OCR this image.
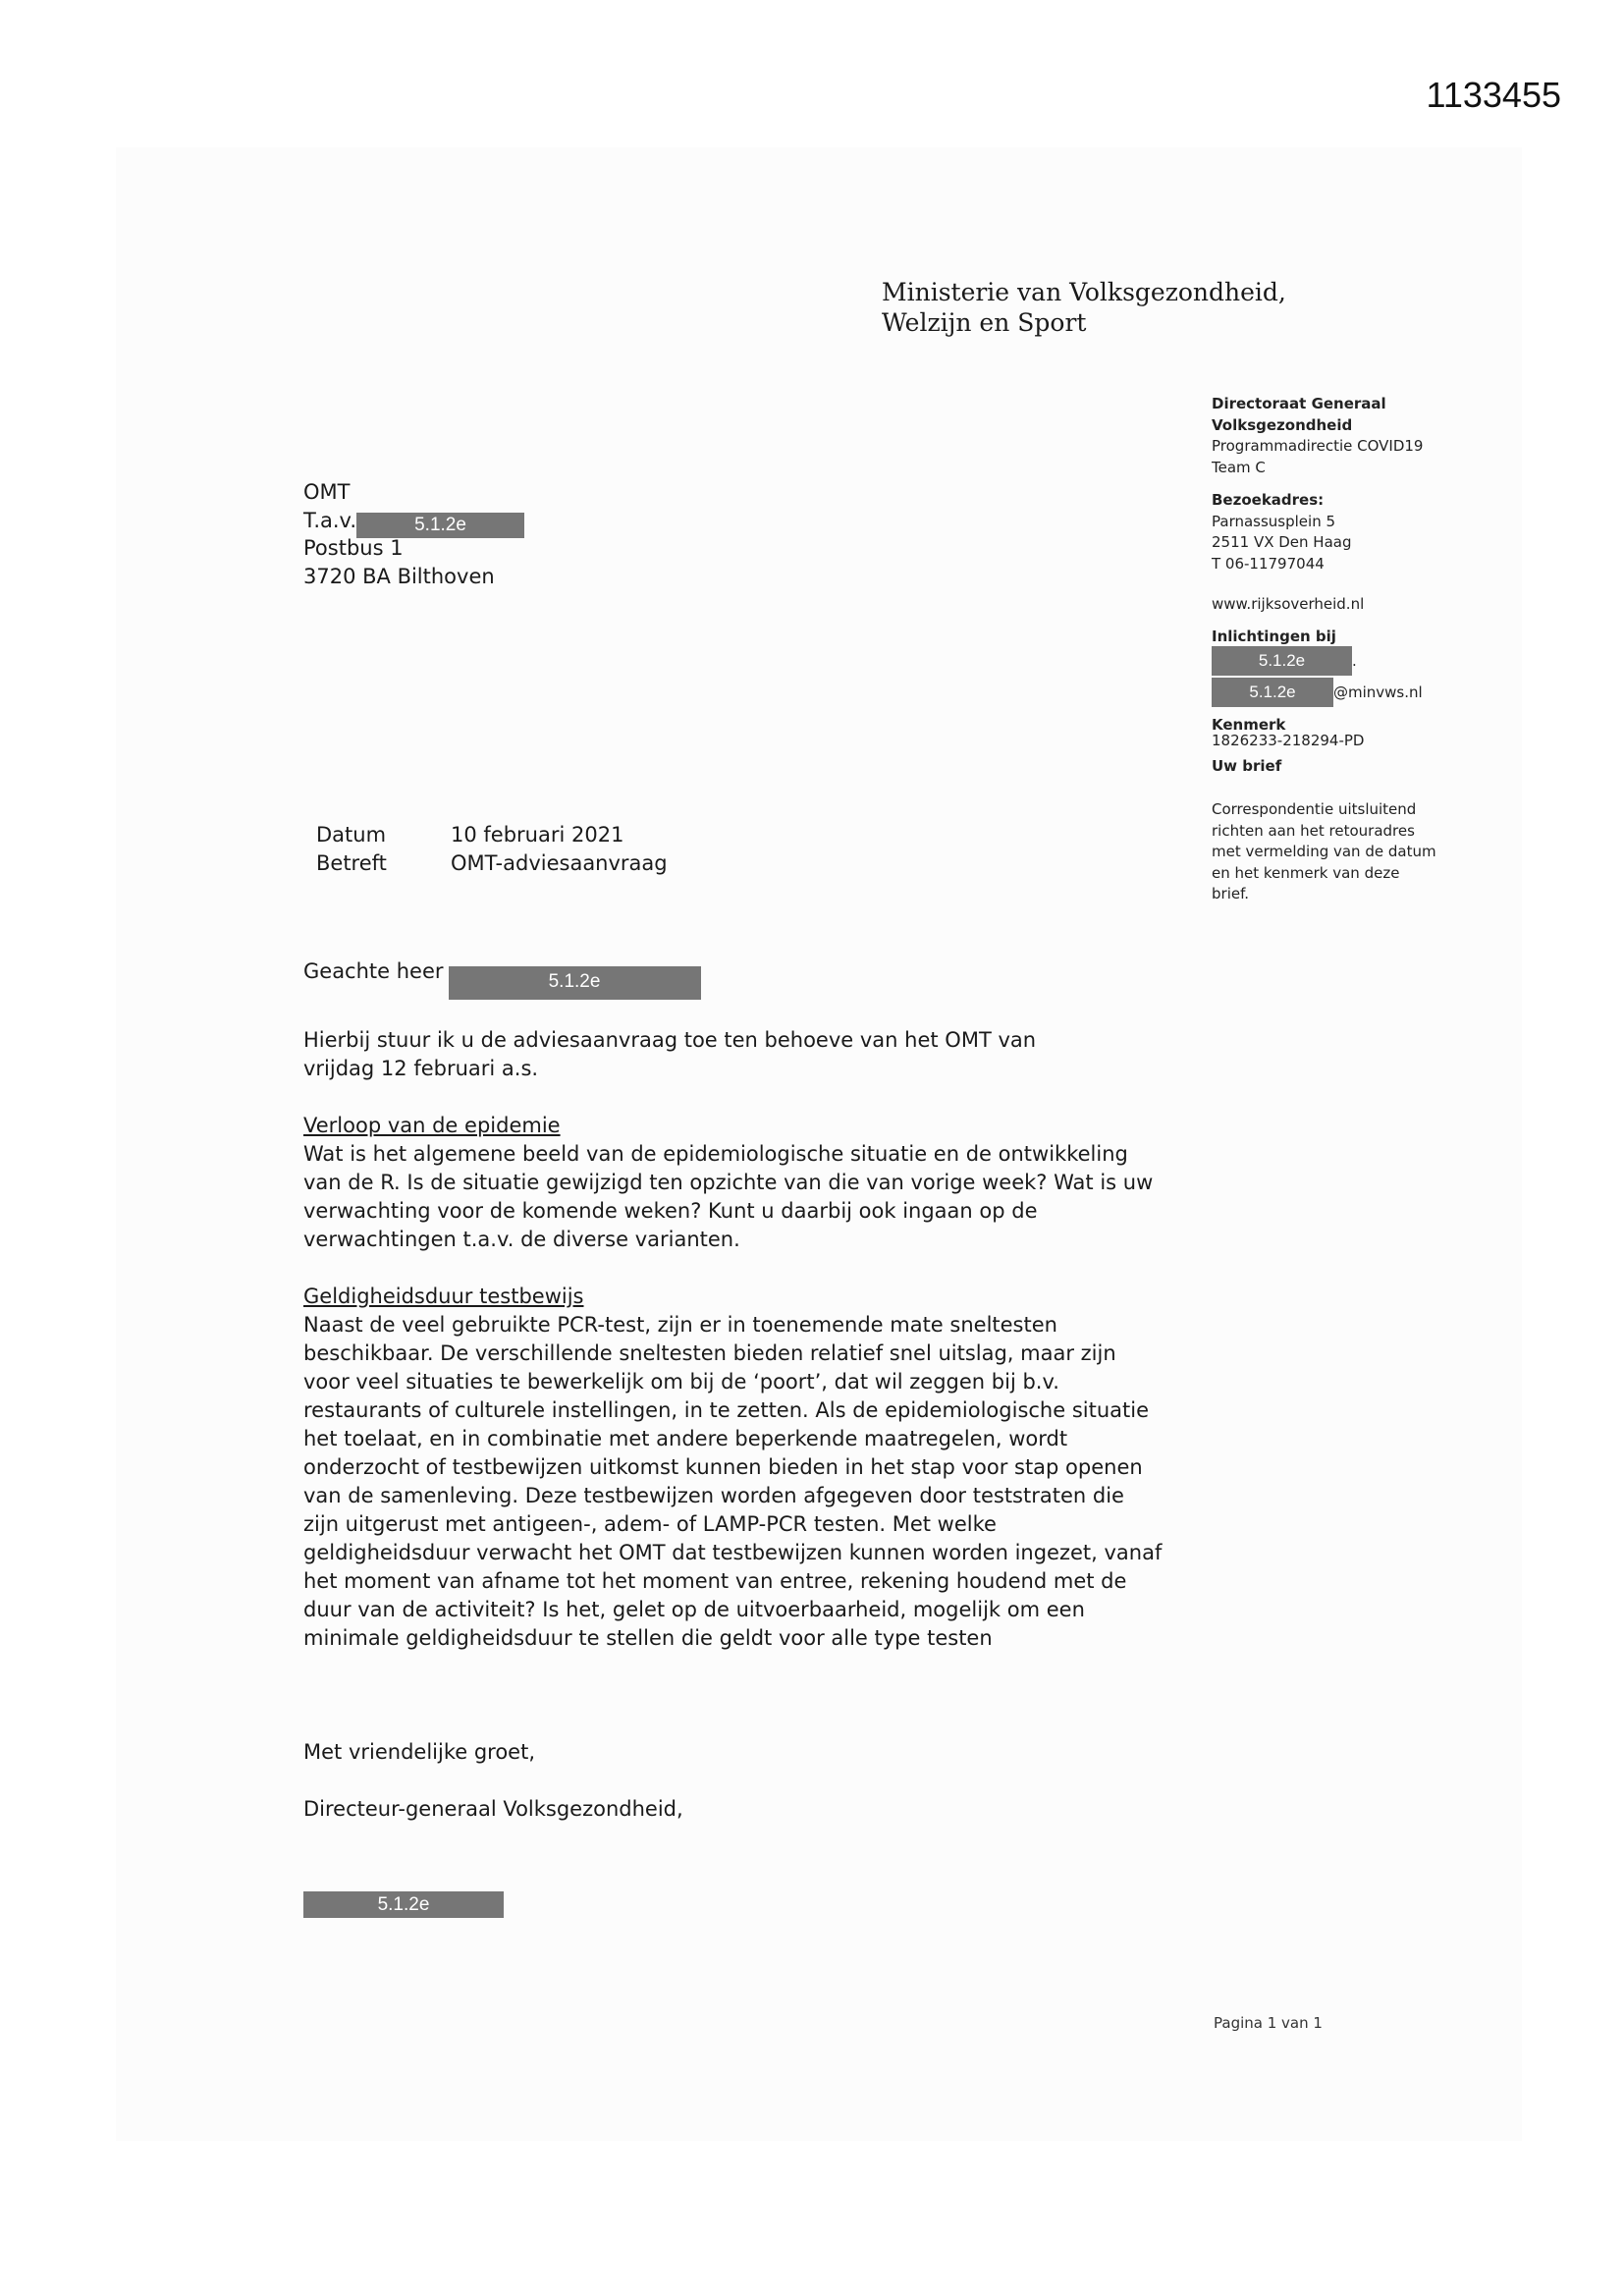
1133455
Ministerie van Volksgezondheid,
Welzijn en Sport
OMT
T.a.v.	5.1.2e
Postbus 1
3720 BA Bilthoven
Directoraat Generaal
Volksgezondheid
Programmadirectie COVID19
Team C
Bezoekadres:
Parnassusplein 5
2511 VX Den Haag
T 06-11797044
www.rijksoverheid.nl
Inlichtingen bij
5.1.2e	.
5.1.2e	@minvws.nl
Kenmerk
1826233-218294-PD
Uw brief
Correspondentie uitsluitend
richten aan het retouradres
met vermelding van de datum
en het kenmerk van deze
brief.
Datum	10 februari 2021
Betreft	OMT-adviesaanvraag

Geachte heer	5.1.2e

Hierbij stuur ik u de adviesaanvraag toe ten behoeve van het OMT van

vrijdag 12 februari a.s.

Verloop van de epidemie

Wat is het algemene beeld van de epidemiologische situatie en de ontwikkeling

van de R. Is de situatie gewijzigd ten opzichte van die van vorige week? Wat is uw

verwachting voor de komende weken? Kunt u daarbij ook ingaan op de

verwachtingen t.a.v. de diverse varianten.

Geldigheidsduur testbewijs

Naast de veel gebruikte PCR-test, zijn er in toenemende mate sneltesten

beschikbaar. De verschillende sneltesten bieden relatief snel uitslag, maar zijn

voor veel situaties te bewerkelijk om bij de ‘poort’, dat wil zeggen bij b.v.

restaurants of culturele instellingen, in te zetten. Als de epidemiologische situatie

het toelaat, en in combinatie met andere beperkende maatregelen, wordt

onderzocht of testbewijzen uitkomst kunnen bieden in het stap voor stap openen

van de samenleving. Deze testbewijzen worden afgegeven door teststraten die

zijn uitgerust met antigeen-, adem- of LAMP-PCR testen. Met welke

geldigheidsduur verwacht het OMT dat testbewijzen kunnen worden ingezet, vanaf

het moment van afname tot het moment van entree, rekening houdend met de

duur van de activiteit? Is het, gelet op de uitvoerbaarheid, mogelijk om een

minimale geldigheidsduur te stellen die geldt voor alle type testen

Met vriendelijke groet,

Directeur-generaal Volksgezondheid,

5.1.2e
Pagina 1 van 1
